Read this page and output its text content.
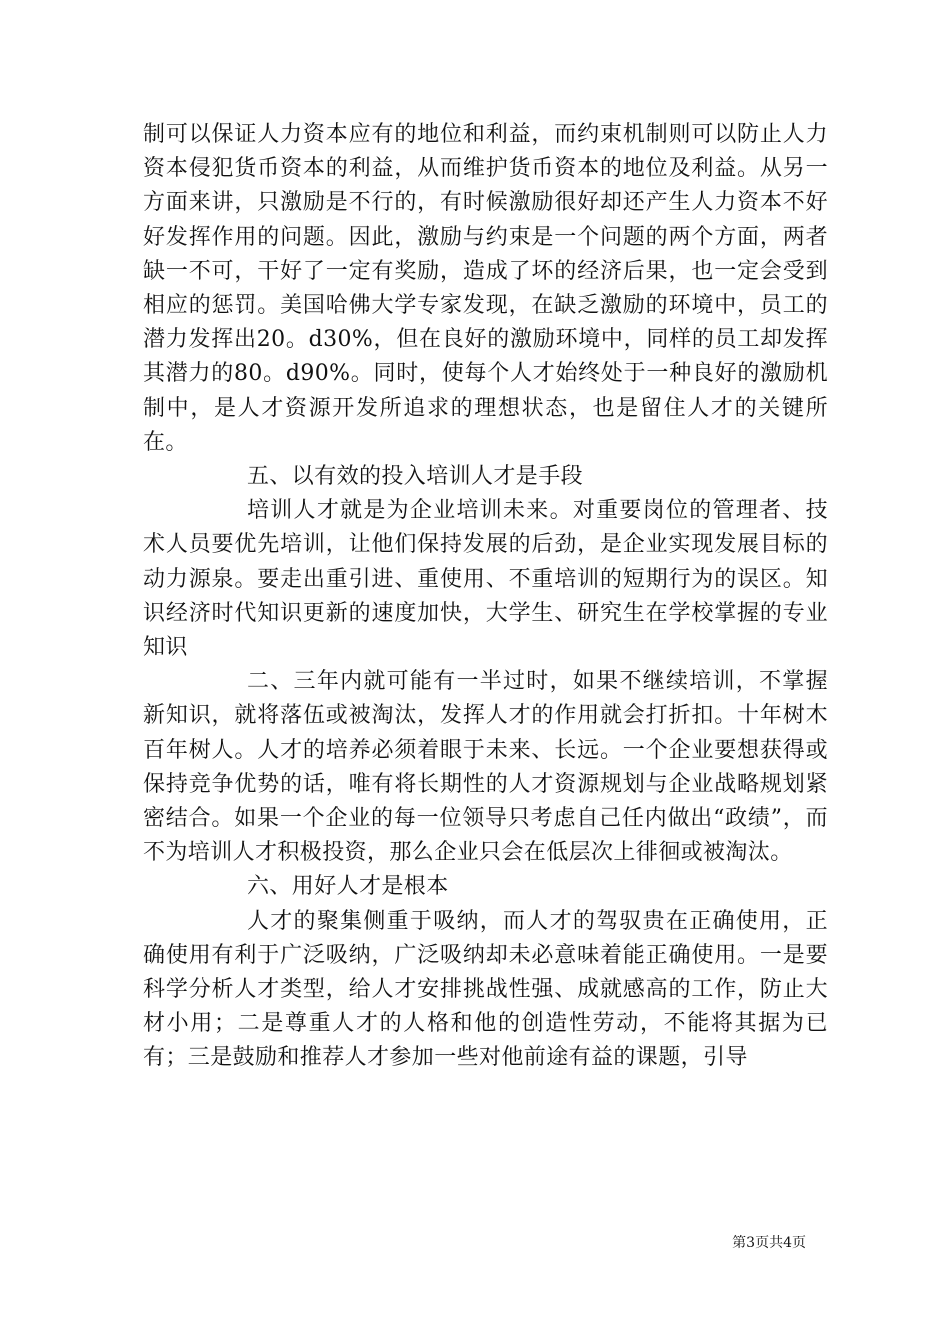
制可以保证人力资本应有的地位和利益，而约束机制则可以防止人力资本侵犯货币资本的利益，从而维护货币资本的地位及利益。从另一方面来讲，只激励是不行的，有时候激励很好却还产生人力资本不好好发挥作用的问题。因此，激励与约束是一个问题的两个方面，两者缺一不可，干好了一定有奖励，造成了坏的经济后果，也一定会受到相应的惩罚。美国哈佛大学专家发现，在缺乏激励的环境中，员工的潜力发挥出20。d30%，但在良好的激励环境中，同样的员工却发挥其潜力的80。d90%。同时，使每个人才始终处于一种良好的激励机制中，是人才资源开发所追求的理想状态，也是留住人才的关键所在。

五、以有效的投入培训人才是手段

培训人才就是为企业培训未来。对重要岗位的管理者、技术人员要优先培训，让他们保持发展的后劲，是企业实现发展目标的动力源泉。要走出重引进、重使用、不重培训的短期行为的误区。知识经济时代知识更新的速度加快，大学生、研究生在学校掌握的专业知识

二、三年内就可能有一半过时，如果不继续培训，不掌握新知识，就将落伍或被淘汰，发挥人才的作用就会打折扣。十年树木百年树人。人才的培养必须着眼于未来、长远。一个企业要想获得或保持竞争优势的话，唯有将长期性的人才资源规划与企业战略规划紧密结合。如果一个企业的每一位领导只考虑自己任内做出“政绩”，而不为培训人才积极投资，那么企业只会在低层次上徘徊或被淘汰。

六、用好人才是根本

人才的聚集侧重于吸纳，而人才的驾驭贵在正确使用，正确使用有利于广泛吸纳，广泛吸纳却未必意味着能正确使用。一是要科学分析人才类型，给人才安排挑战性强、成就感高的工作，防止大材小用；二是尊重人才的人格和他的创造性劳动，不能将其据为已有；三是鼓励和推荐人才参加一些对他前途有益的课题，引导

第3页共4页
